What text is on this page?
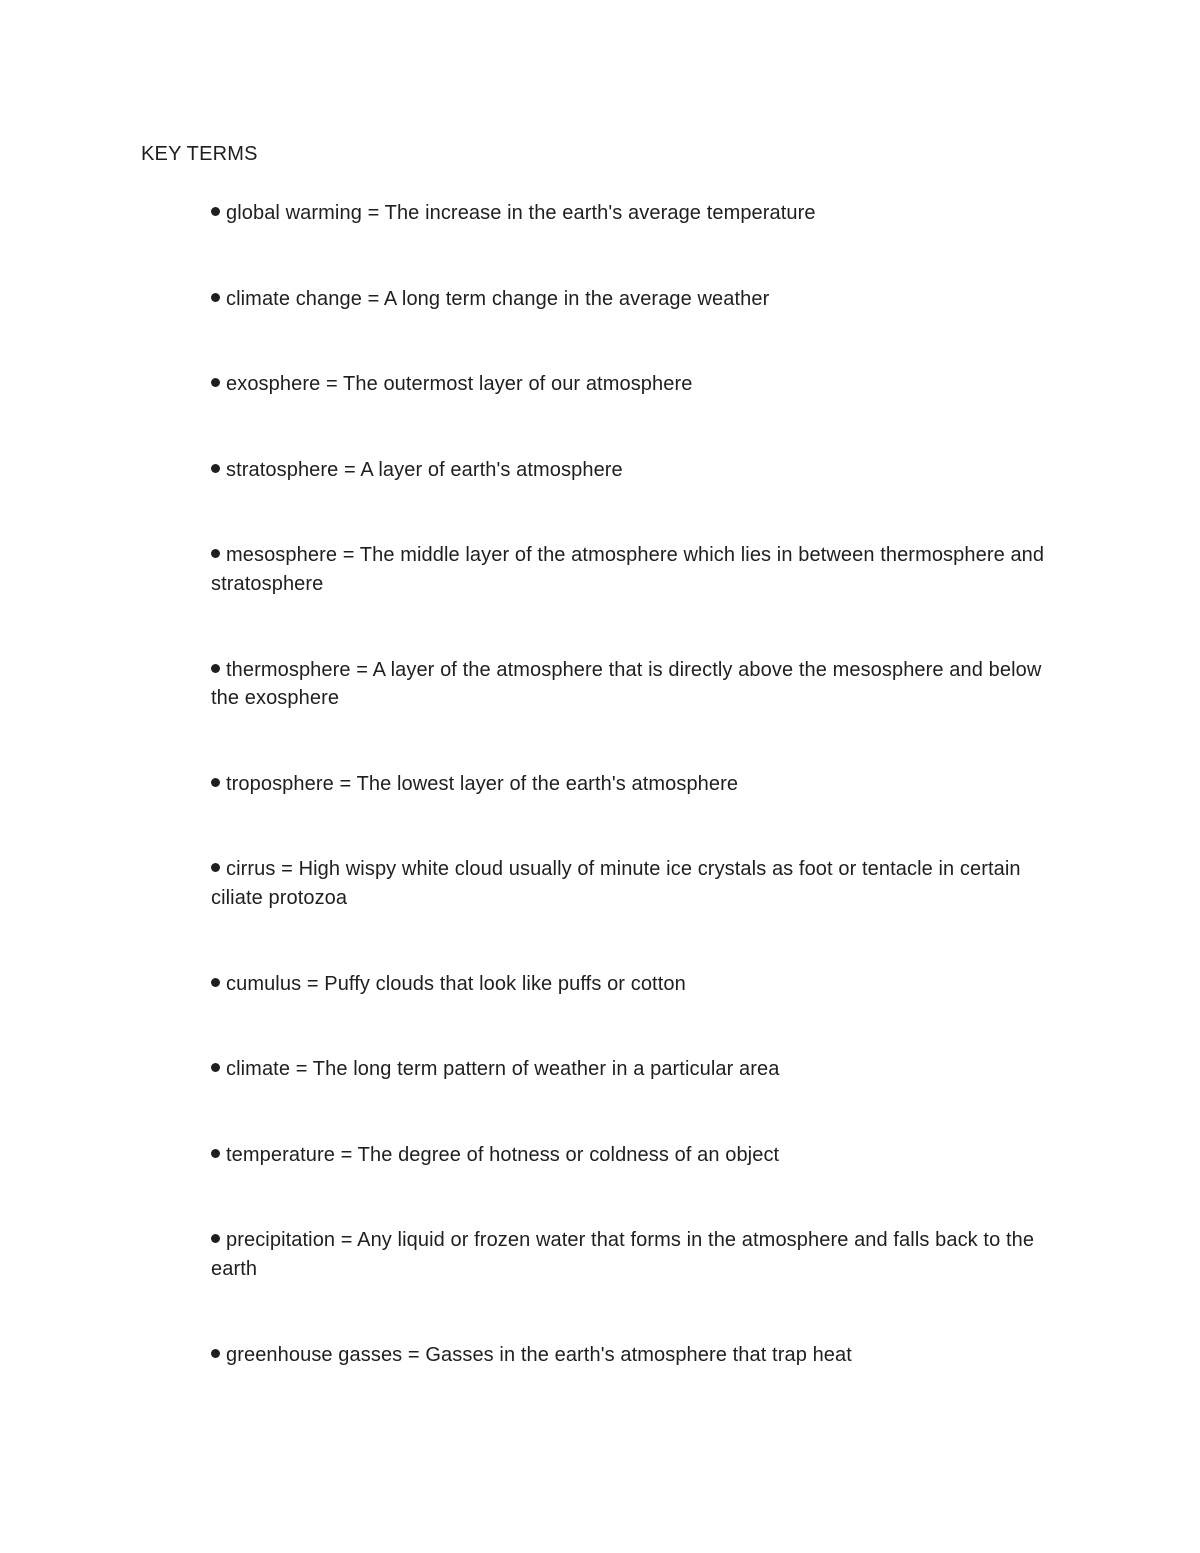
KEY TERMS
global warming = The increase in the earth's average temperature
climate change = A long term change in the average weather
exosphere = The outermost layer of our atmosphere
stratosphere = A layer of earth's atmosphere
mesosphere = The middle layer of the atmosphere which lies in between thermosphere and stratosphere
thermosphere = A layer of the atmosphere that is directly above the mesosphere and below the exosphere
troposphere = The lowest layer of the earth's atmosphere
cirrus = High wispy white cloud usually of minute ice crystals as foot or tentacle in certain ciliate protozoa
cumulus = Puffy clouds that look like puffs or cotton
climate = The long term pattern of weather in a particular area
temperature = The degree of hotness or coldness of an object
precipitation = Any liquid or frozen water that forms in the atmosphere and falls back to the earth
greenhouse gasses = Gasses in the earth's atmosphere that trap heat
